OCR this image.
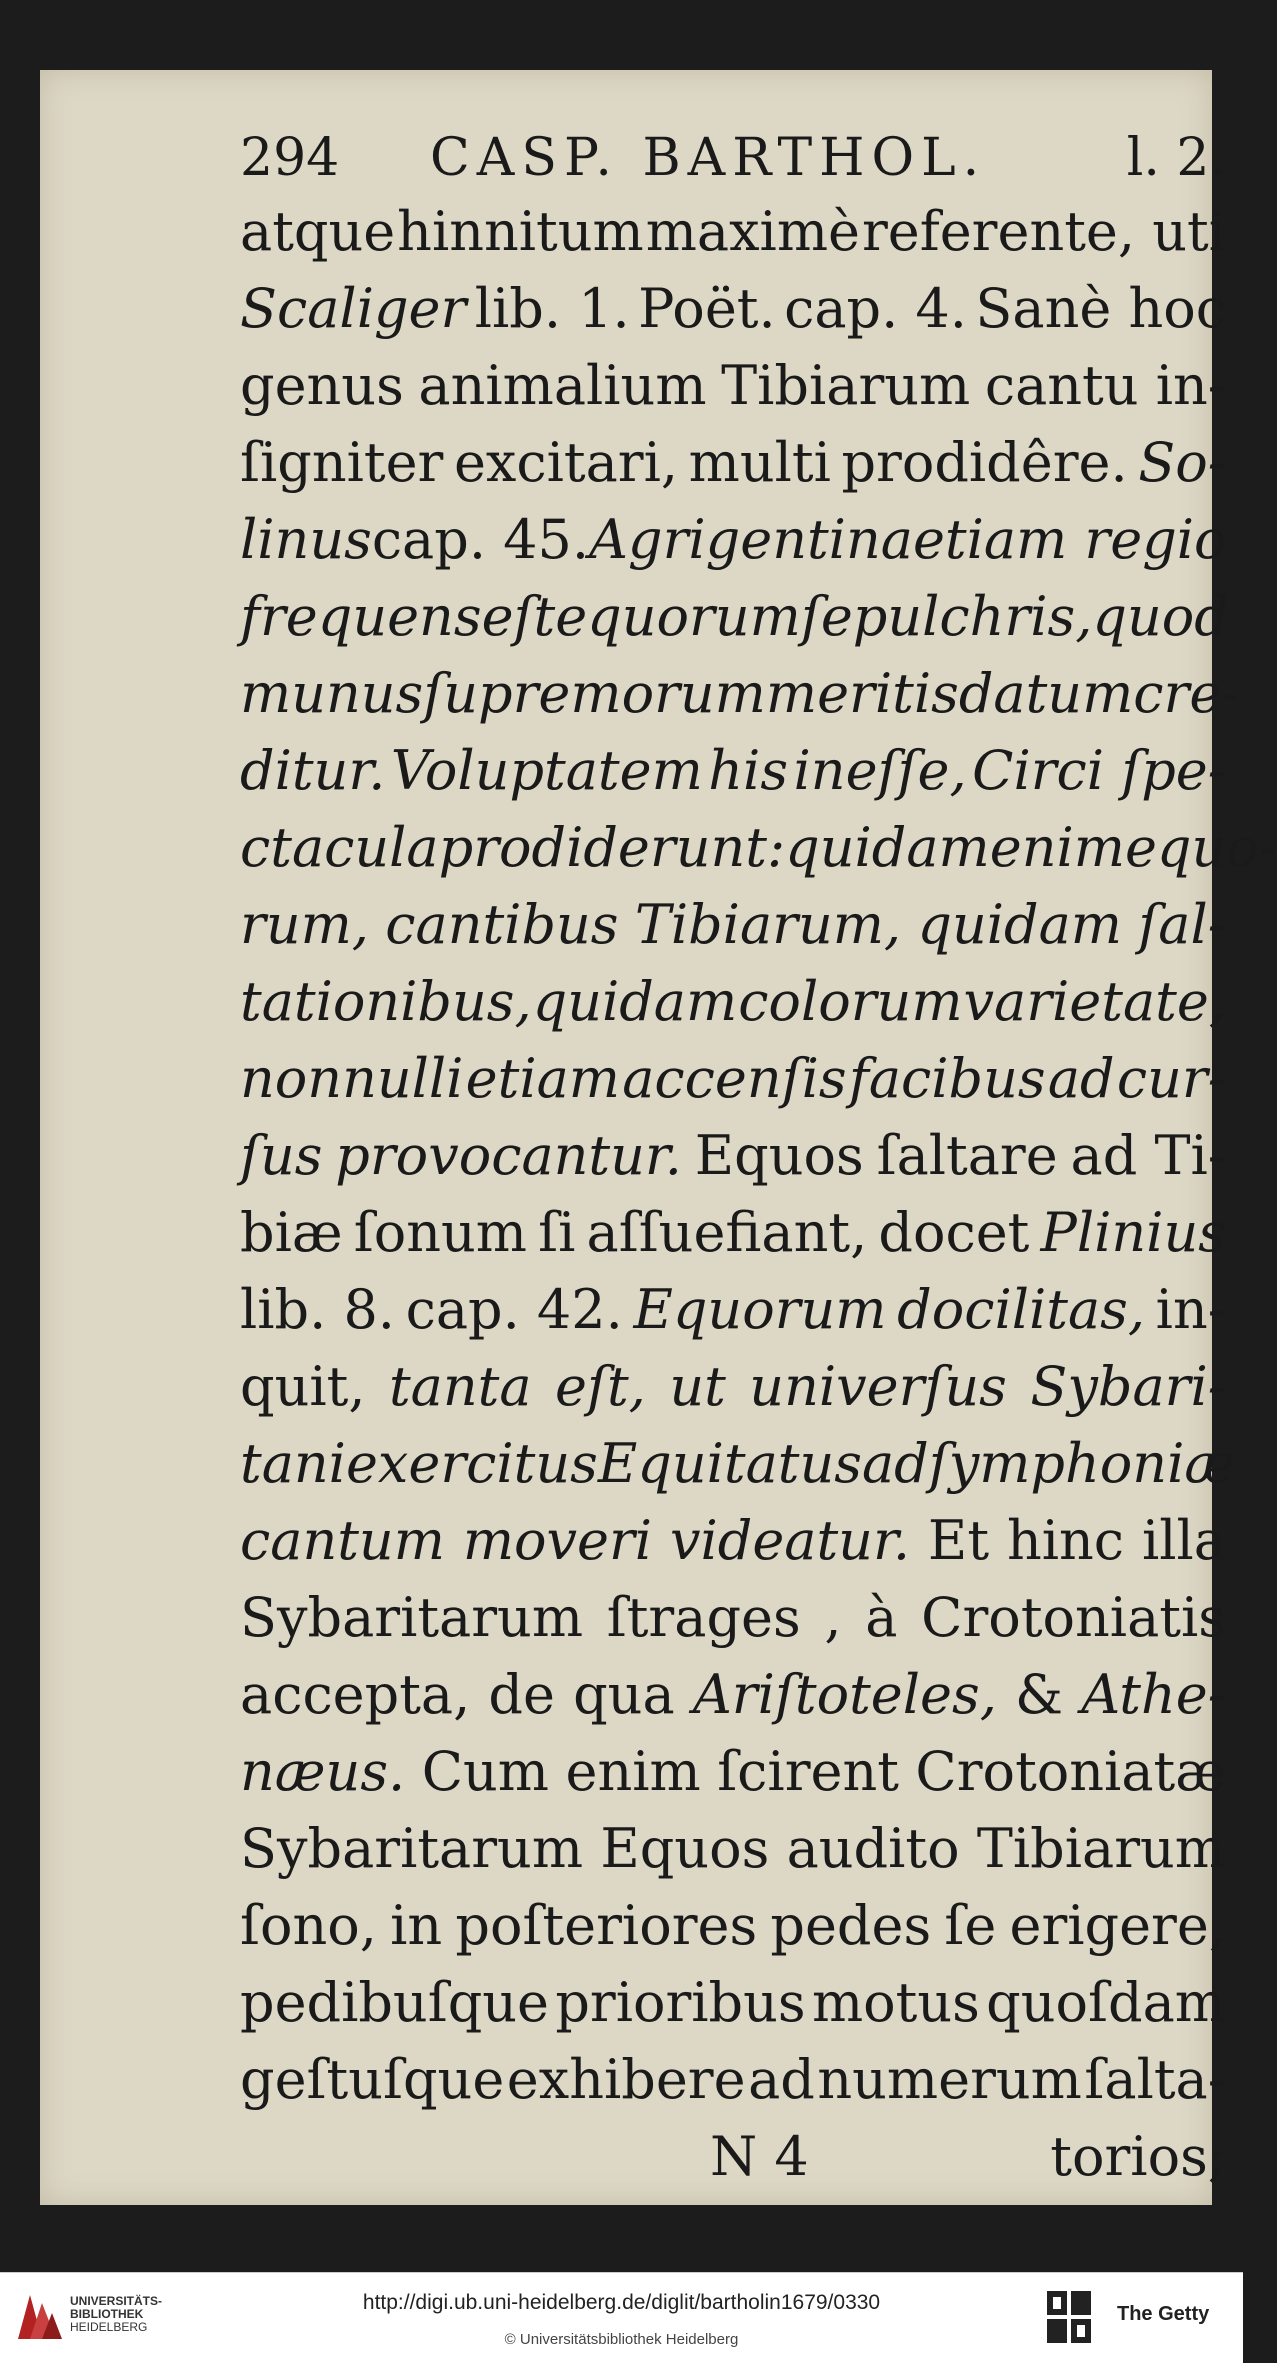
294	CASP. BARTHOL.	l. 2.
atque hinnitum maximè referente, uti
Scaliger lib. 1. Poët. cap. 4. Sanè hoc
genus animalium Tibiarum cantu in-
ſigniter excitari, multi prodidêre. So-
linus cap. 45. Agrigentina etiam regio
frequens eſt equorum ſepulchris, quod
munus ſupremorum meritis datum cre-
ditur. Voluptatem his ineſſe, Circi ſpe-
ctacula prodiderunt: quidam enim equo-
rum, cantibus Tibiarum, quidam ſal-
tationibus, quidam colorum varietate,
nonnulli etiam accenſis facibus ad cur-
ſus provocantur. Equos ſaltare ad Ti-
biæ ſonum ſi aſſuefiant, docet Plinius
lib. 8. cap. 42. Equorum docilitas, in-
quit, tanta eſt, ut univerſus Sybari-
tani exercitus Equitatus ad ſymphoniæ
cantum moveri videatur. Et hinc illa
Sybaritarum ſtrages , à Crotoniatis
accepta, de qua Ariſtoteles, & Athe-
næus. Cum enim ſcirent Crotoniatæ
Sybaritarum Equos audito Tibiarum
ſono, in poſteriores pedes ſe erigere,
pedibuſque prioribus motus quoſdam
geſtuſque exhibere ad numerum ſalta-
N 4	torios;
UNIVERSITÄTS-
BIBLIOTHEK
HEIDELBERG
http://digi.ub.uni-heidelberg.de/diglit/bartholin1679/0330
© Universitätsbibliothek Heidelberg
The Getty
